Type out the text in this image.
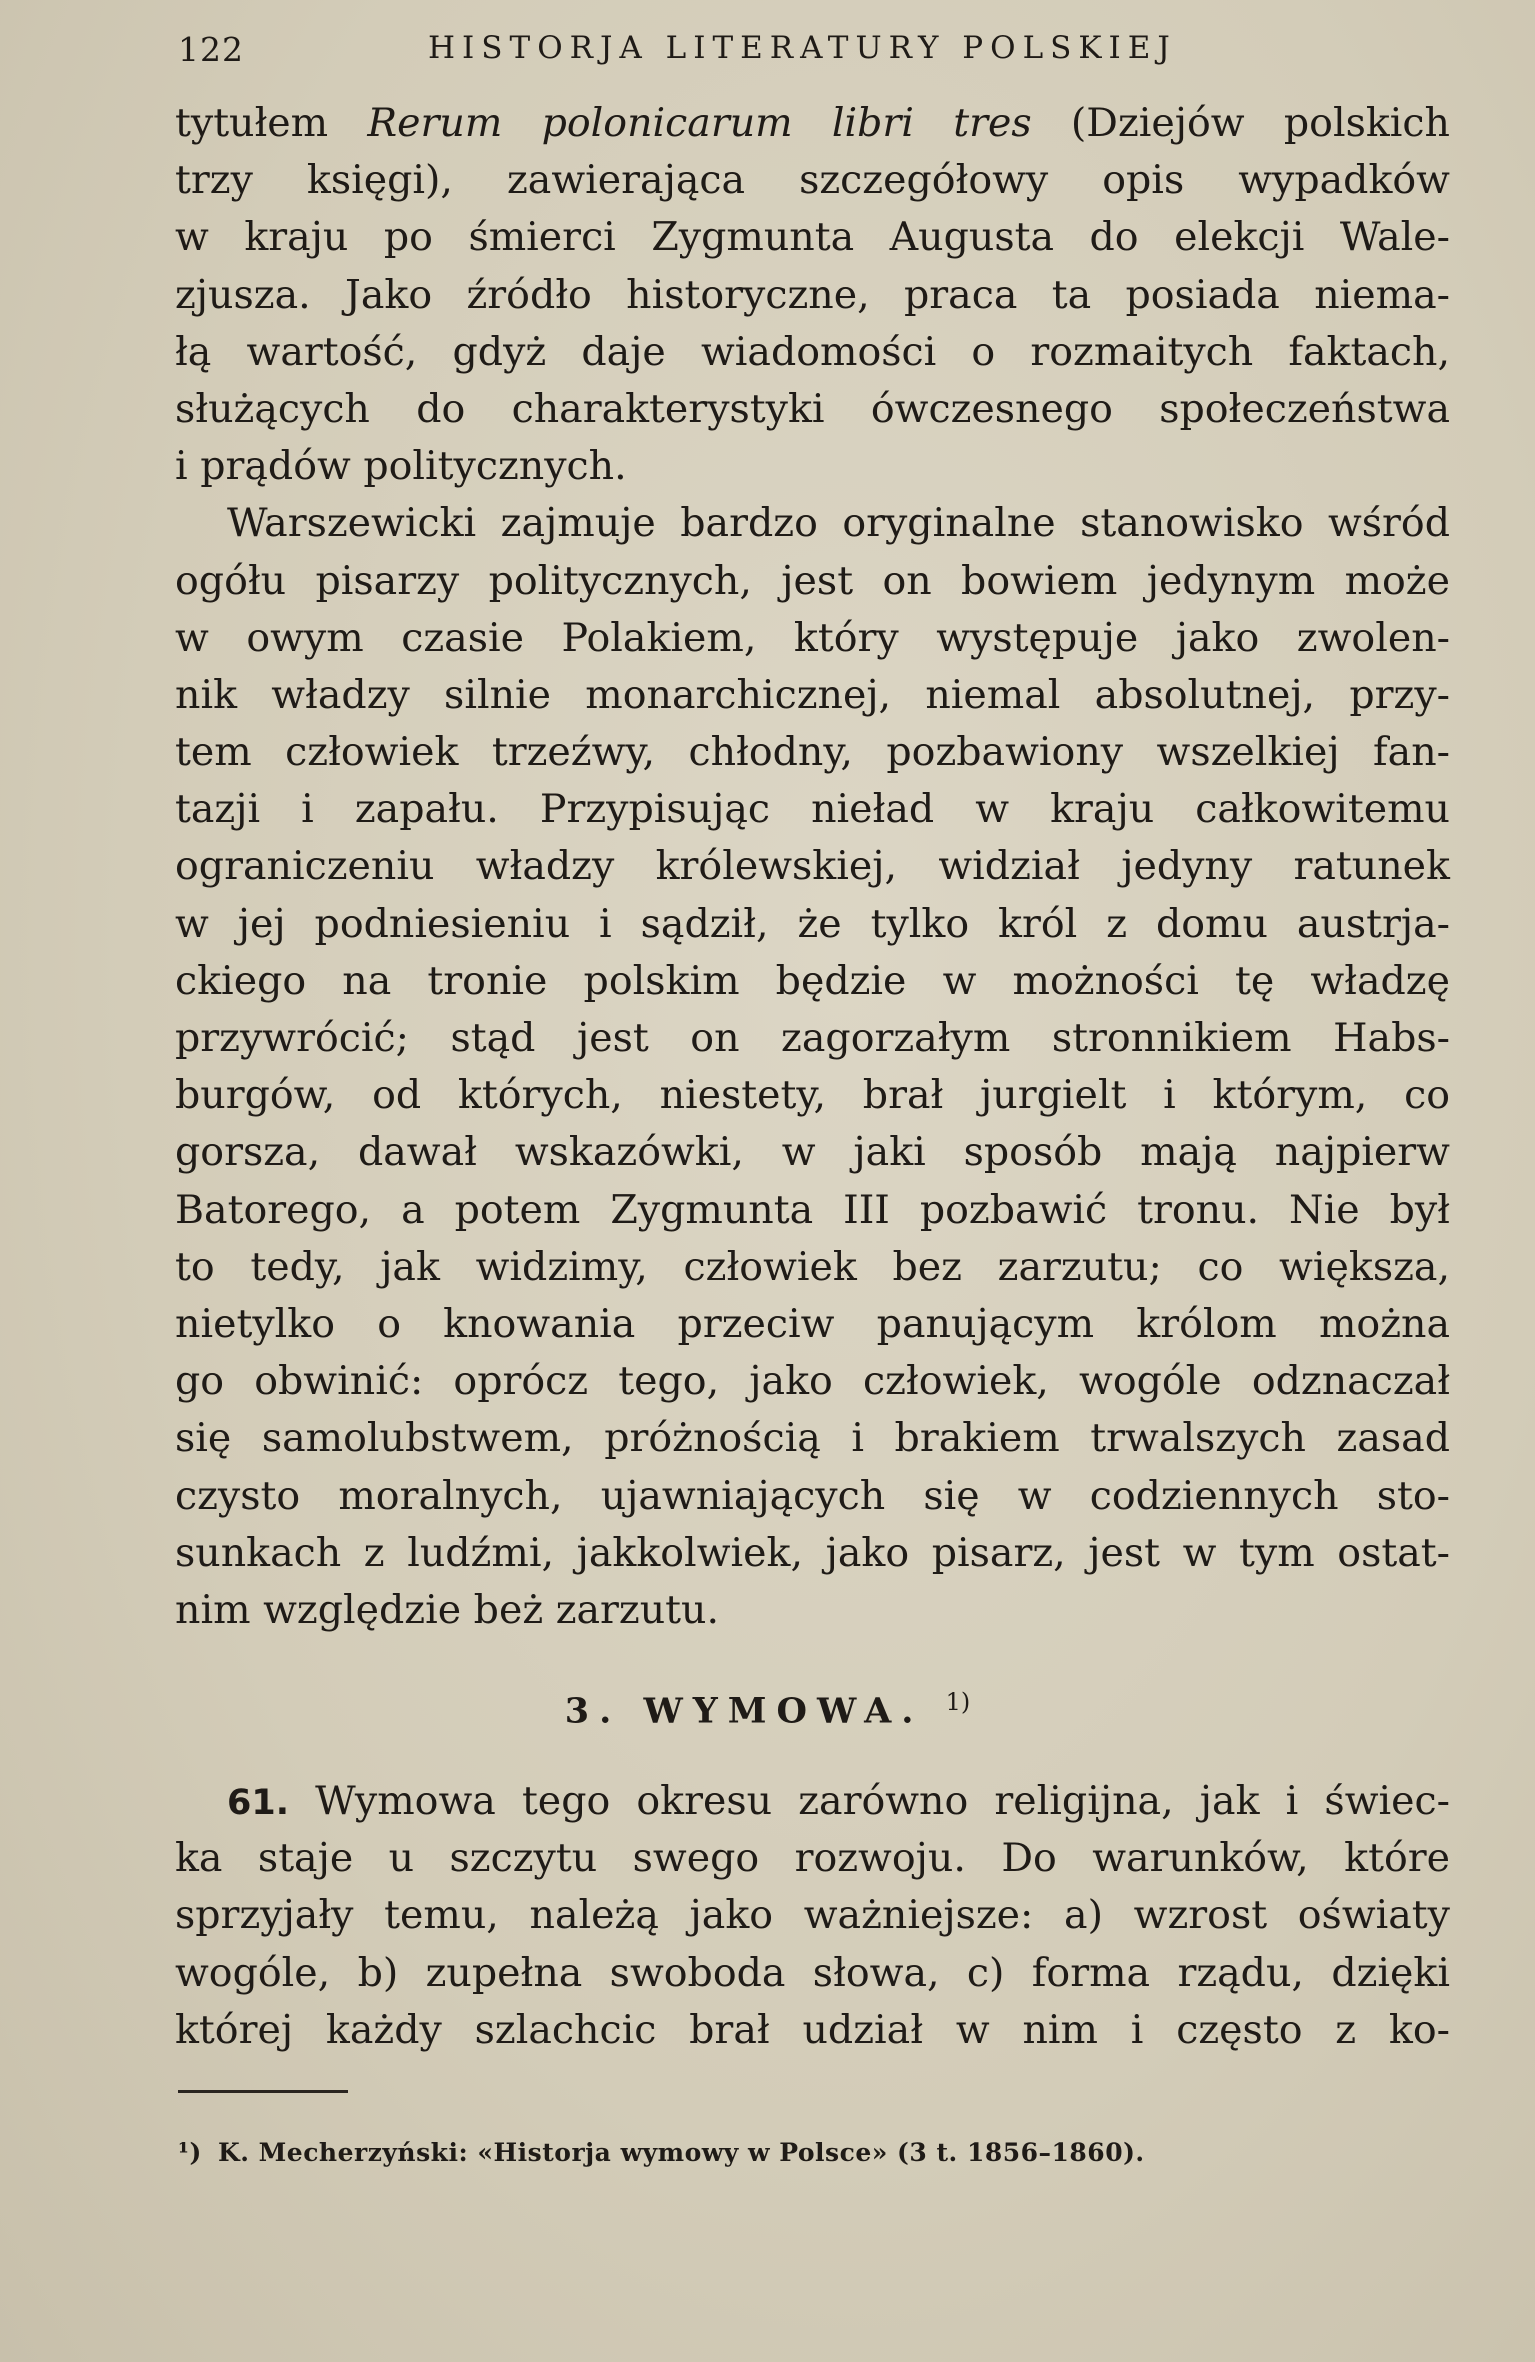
122	HISTORJA LITERATURY POLSKIEJ
tytułem Rerum polonicarum libri tres (Dziejów polskich
trzy księgi), zawierająca szczegółowy opis wypadków
w kraju po śmierci Zygmunta Augusta do elekcji Wale-
zjusza. Jako źródło historyczne, praca ta posiada niema-
łą wartość, gdyż daje wiadomości o rozmaitych faktach,
służących do charakterystyki ówczesnego społeczeństwa
i prądów politycznych.
Warszewicki zajmuje bardzo oryginalne stanowisko wśród
ogółu pisarzy politycznych, jest on bowiem jedynym może
w owym czasie Polakiem, który występuje jako zwolen-
nik władzy silnie monarchicznej, niemal absolutnej, przy-
tem człowiek trzeźwy, chłodny, pozbawiony wszelkiej fan-
tazji i zapału. Przypisując nieład w kraju całkowitemu
ograniczeniu władzy królewskiej, widział jedyny ratunek
w jej podniesieniu i sądził, że tylko król z domu austrja-
ckiego na tronie polskim będzie w możności tę władzę
przywrócić; stąd jest on zagorzałym stronnikiem Habs-
burgów, od których, niestety, brał jurgielt i którym, co
gorsza, dawał wskazówki, w jaki sposób mają najpierw
Batorego, a potem Zygmunta III pozbawić tronu. Nie był
to tedy, jak widzimy, człowiek bez zarzutu; co większa,
nietylko o knowania przeciw panującym królom można
go obwinić: oprócz tego, jako człowiek, wogóle odznaczał
się samolubstwem, próżnością i brakiem trwalszych zasad
czysto moralnych, ujawniających się w codziennych sto-
sunkach z ludźmi, jakkolwiek, jako pisarz, jest w tym ostat-
nim względzie beż zarzutu.
3. WYMOWA. $^{1)}$
61. Wymowa tego okresu zarówno religijna, jak i świec-
ka staje u szczytu swego rozwoju. Do warunków, które
sprzyjały temu, należą jako ważniejsze: a) wzrost oświaty
wogóle, b) zupełna swoboda słowa, c) forma rządu, dzięki
której każdy szlachcic brał udział w nim i często z ko-
¹) K. Mecherzyński: «Historja wymowy w Polsce» (3 t. 1856–1860).
